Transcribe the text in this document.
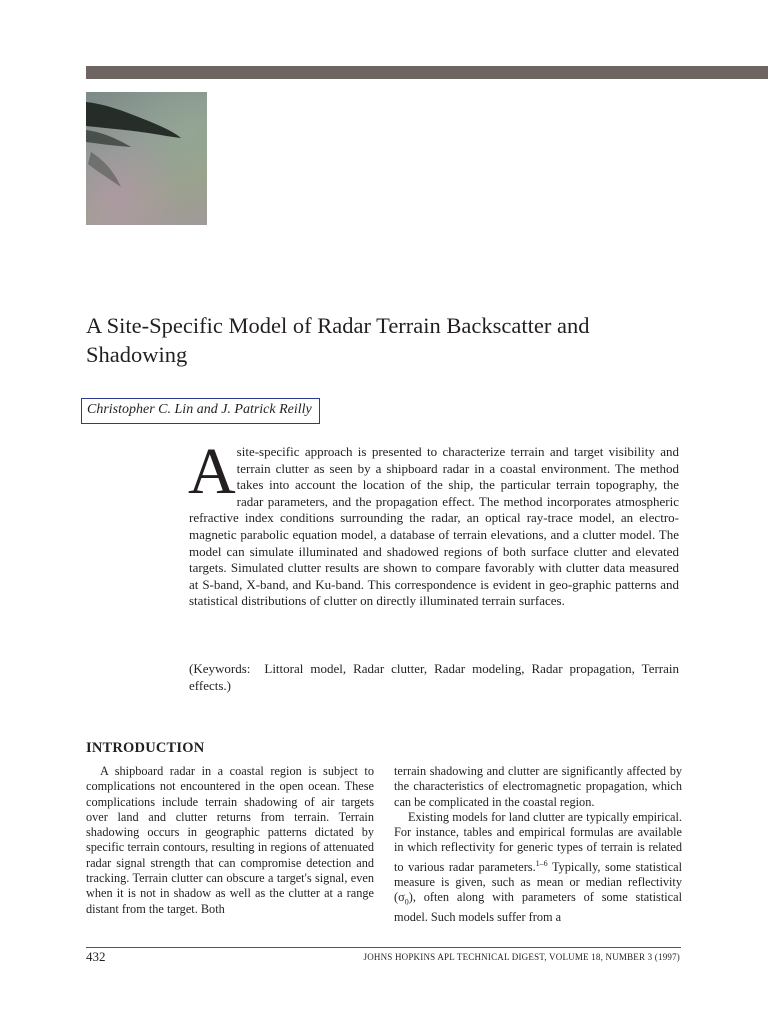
A Site-Specific Model of Radar Terrain Backscatter and Shadowing
Christopher C. Lin and J. Patrick Reilly

A site-specific approach is presented to characterize terrain and target visibility and terrain clutter as seen by a shipboard radar in a coastal environment. The method takes into account the location of the ship, the particular terrain topography, the radar parameters, and the propagation effect. The method incorporates atmospheric refractive index conditions surrounding the radar, an optical ray-trace model, an electromagnetic parabolic equation model, a database of terrain elevations, and a clutter model. The model can simulate illuminated and shadowed regions of both surface clutter and elevated targets. Simulated clutter results are shown to compare favorably with clutter data measured at S-band, X-band, and Ku-band. This correspondence is evident in geo-graphic patterns and statistical distributions of clutter on directly illuminated terrain surfaces.

(Keywords:  Littoral model, Radar clutter, Radar modeling, Radar propagation, Terrain effects.)

INTRODUCTION

A shipboard radar in a coastal region is subject to complications not encountered in the open ocean. These complications include terrain shadowing of air targets over land and clutter returns from terrain. Terrain shadowing occurs in geographic patterns dictated by specific terrain contours, resulting in regions of attenuated radar signal strength that can compromise detection and tracking. Terrain clutter can obscure a target's signal, even when it is not in shadow as well as the clutter at a range distant from the target. Both

terrain shadowing and clutter are significantly affected by the characteristics of electromagnetic propagation, which can be complicated in the coastal region.

Existing models for land clutter are typically empirical. For instance, tables and empirical formulas are available in which reflectivity for generic types of terrain is related to various radar parameters.$^{1-6}$ Typically, some statistical measure is given, such as mean or median reflectivity $(\sigma_0)$, often along with parameters of some statistical model. Such models suffer from a

432	JOHNS HOPKINS APL TECHNICAL DIGEST, VOLUME 18, NUMBER 3 (1997)
